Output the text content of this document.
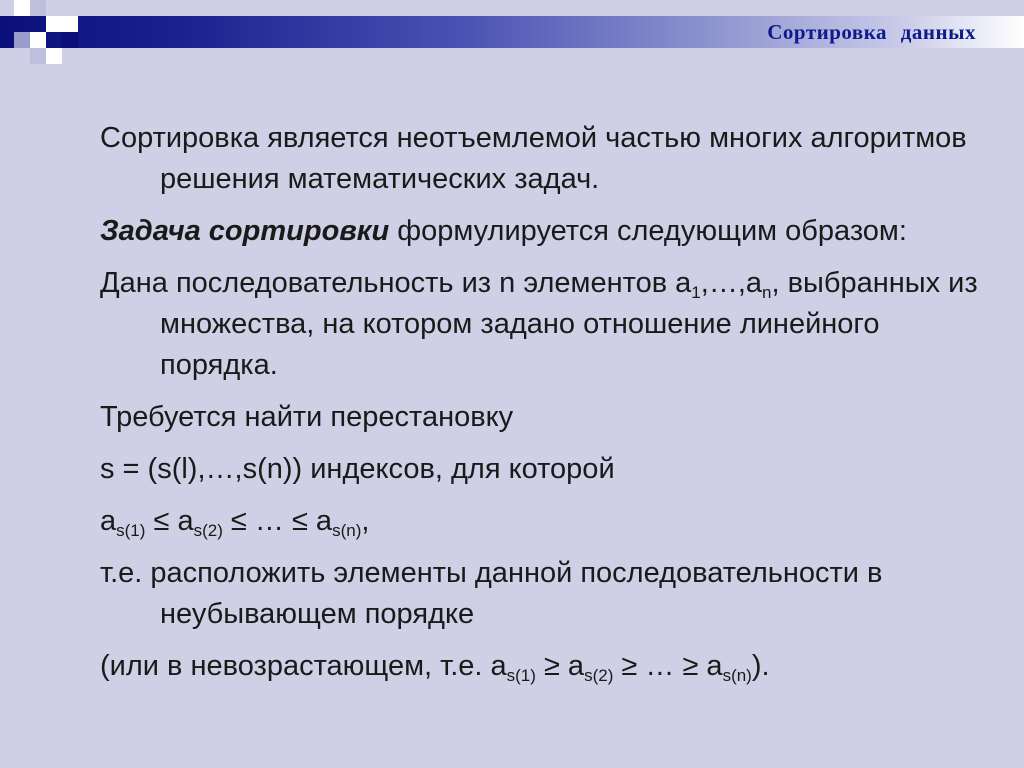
Сортировка данных

Сортировка является неотъемлемой частью многих алгоритмов решения математических задач.

Задача сортировки формулируется следующим образом:

Дана последовательность из n элементов $a_1,\dots,a_n$, выбранных из множества, на котором задано отношение линейного порядка.

Требуется найти перестановку

s = (s(l),…,s(n)) индексов, для которой

$a_{s(1)} \le a_{s(2)}$ ≤ … ≤ $a_{s(n)}$,

т.е. расположить элементы данной последовательности в неубывающем порядке

(или в невозрастающем, т.е. $a_{s(1)} \ge a_{s(2)}$ ≥ … ≥ $a_{s(n)}$).
